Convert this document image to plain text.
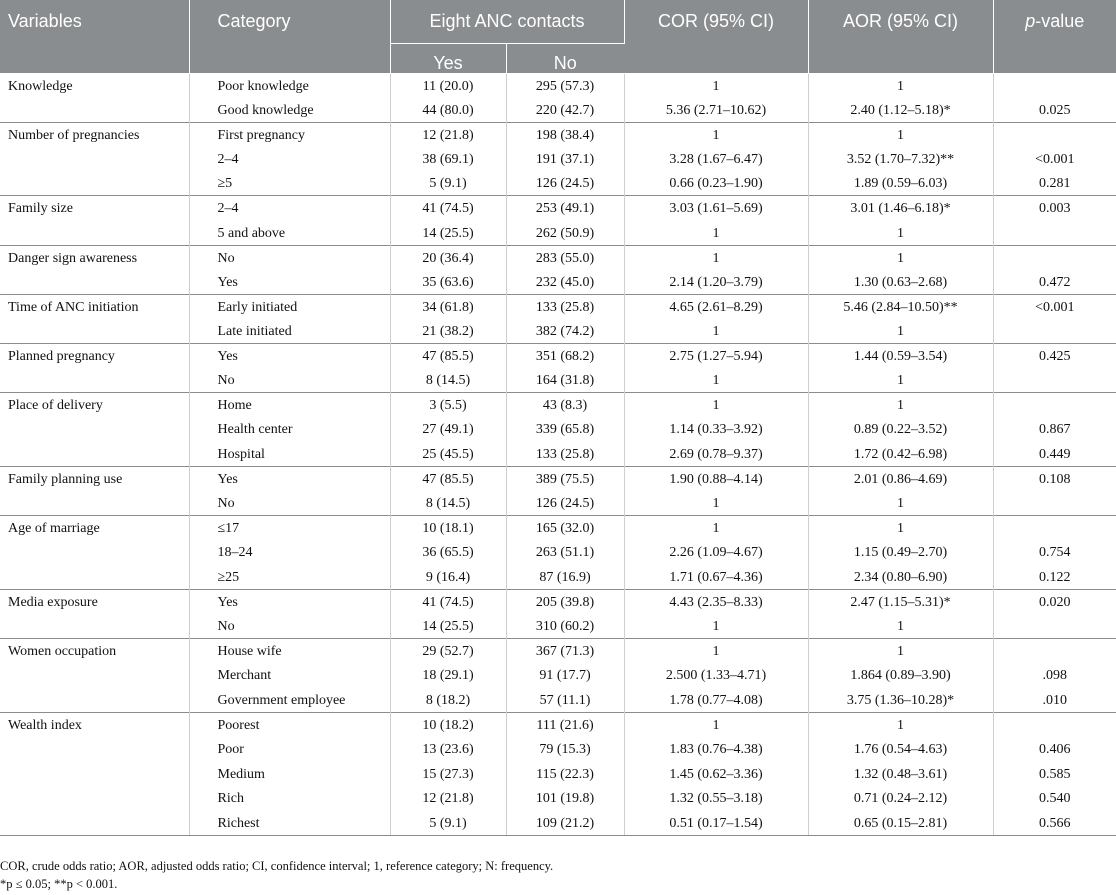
Variables	Category	Eight ANC contacts		COR (95% CI)	AOR (95% CI)	p-value
		Yes	No			
Knowledge	Poor knowledge	11 (20.0)	295 (57.3)	1	1	
	Good knowledge	44 (80.0)	220 (42.7)	5.36 (2.71–10.62)	2.40 (1.12–5.18)*	0.025
Number of pregnancies	First pregnancy	12 (21.8)	198 (38.4)	1	1	
	2–4	38 (69.1)	191 (37.1)	3.28 (1.67–6.47)	3.52 (1.70–7.32)**	<0.001
	≥5	5 (9.1)	126 (24.5)	0.66 (0.23–1.90)	1.89 (0.59–6.03)	0.281
Family size	2–4	41 (74.5)	253 (49.1)	3.03 (1.61–5.69)	3.01 (1.46–6.18)*	0.003
	5 and above	14 (25.5)	262 (50.9)	1	1	
Danger sign awareness	No	20 (36.4)	283 (55.0)	1	1	
	Yes	35 (63.6)	232 (45.0)	2.14 (1.20–3.79)	1.30 (0.63–2.68)	0.472
Time of ANC initiation	Early initiated	34 (61.8)	133 (25.8)	4.65 (2.61–8.29)	5.46 (2.84–10.50)**	<0.001
	Late initiated	21 (38.2)	382 (74.2)	1	1	
Planned pregnancy	Yes	47 (85.5)	351 (68.2)	2.75 (1.27–5.94)	1.44 (0.59–3.54)	0.425
	No	8 (14.5)	164 (31.8)	1	1	
Place of delivery	Home	3 (5.5)	43 (8.3)	1	1	
	Health center	27 (49.1)	339 (65.8)	1.14 (0.33–3.92)	0.89 (0.22–3.52)	0.867
	Hospital	25 (45.5)	133 (25.8)	2.69 (0.78–9.37)	1.72 (0.42–6.98)	0.449
Family planning use	Yes	47 (85.5)	389 (75.5)	1.90 (0.88–4.14)	2.01 (0.86–4.69)	0.108
	No	8 (14.5)	126 (24.5)	1	1	
Age of marriage	≤17	10 (18.1)	165 (32.0)	1	1	
	18–24	36 (65.5)	263 (51.1)	2.26 (1.09–4.67)	1.15 (0.49–2.70)	0.754
	≥25	9 (16.4)	87 (16.9)	1.71 (0.67–4.36)	2.34 (0.80–6.90)	0.122
Media exposure	Yes	41 (74.5)	205 (39.8)	4.43 (2.35–8.33)	2.47 (1.15–5.31)*	0.020
	No	14 (25.5)	310 (60.2)	1	1	
Women occupation	House wife	29 (52.7)	367 (71.3)	1	1	
	Merchant	18 (29.1)	91 (17.7)	2.500 (1.33–4.71)	1.864 (0.89–3.90)	.098
	Government employee	8 (18.2)	57 (11.1)	1.78 (0.77–4.08)	3.75 (1.36–10.28)*	.010
Wealth index	Poorest	10 (18.2)	111 (21.6)	1	1	
	Poor	13 (23.6)	79 (15.3)	1.83 (0.76–4.38)	1.76 (0.54–4.63)	0.406
	Medium	15 (27.3)	115 (22.3)	1.45 (0.62–3.36)	1.32 (0.48–3.61)	0.585
	Rich	12 (21.8)	101 (19.8)	1.32 (0.55–3.18)	0.71 (0.24–2.12)	0.540
	Richest	5 (9.1)	109 (21.2)	0.51 (0.17–1.54)	0.65 (0.15–2.81)	0.566
COR, crude odds ratio; AOR, adjusted odds ratio; CI, confidence interval; 1, reference category; N: frequency.
*p ≤ 0.05; **p < 0.001.
